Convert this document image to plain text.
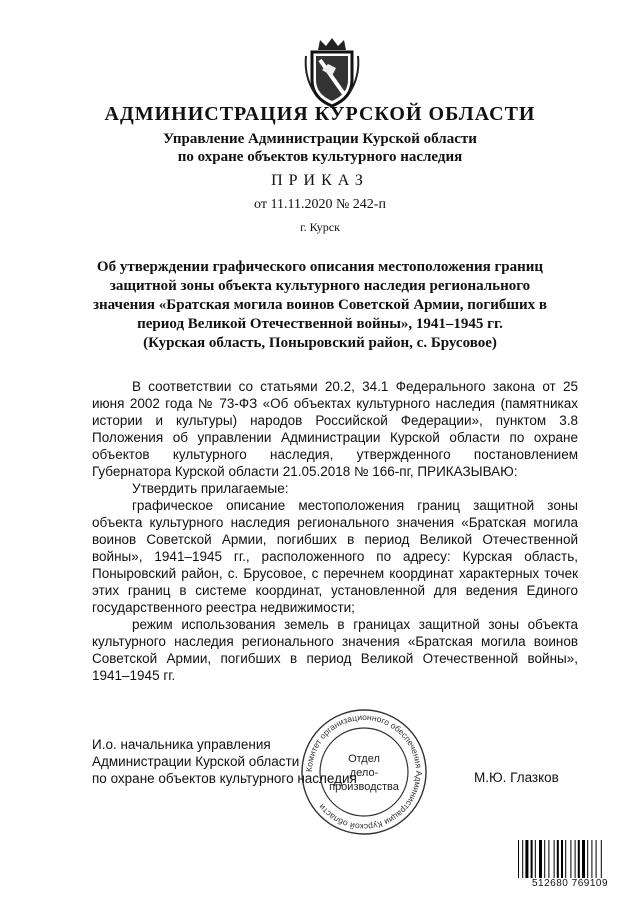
АДМИНИСТРАЦИЯ КУРСКОЙ ОБЛАСТИ
Управление Администрации Курской области
по охране объектов культурного наследия
ПРИКАЗ
от 11.11.2020 № 242-п
г. Курск
Об утверждении графического описания местоположения границ
защитной зоны объекта культурного наследия регионального
значения «Братская могила воинов Советской Армии, погибших в
период Великой Отечественной войны», 1941–1945 гг.
(Курская область, Поныровский район, с. Брусовое)

В соответствии со статьями 20.2, 34.1 Федерального закона от 25 июня 2002 года № 73-ФЗ «Об объектах культурного наследия (памятниках истории и культуры) народов Российской Федерации», пунктом 3.8 Положения об управлении Администрации Курской области по охране объектов культурного наследия, утвержденного постановлением Губернатора Курской области 21.05.2018 № 166-пг, ПРИКАЗЫВАЮ:

Утвердить прилагаемые:

графическое описание местоположения границ защитной зоны объекта культурного наследия регионального значения «Братская могила воинов Советской Армии, погибших в период Великой Отечественной войны», 1941–1945 гг., расположенного по адресу: Курская область, Поныровский район, с. Брусовое, с перечнем координат характерных точек этих границ в системе координат, установленной для ведения Единого государственного реестра недвижимости;

режим использования земель в границах защитной зоны объекта культурного наследия регионального значения «Братская могила воинов Советской Армии, погибших в период Великой Отечественной войны», 1941–1945 гг.

Комитет организационного обеспечения Администрации Курской области
Отдел
дело-
производства
И.о. начальника управления
Администрации Курской области
по охране объектов культурного наследия	М.Ю. Глазков
512680 769109
